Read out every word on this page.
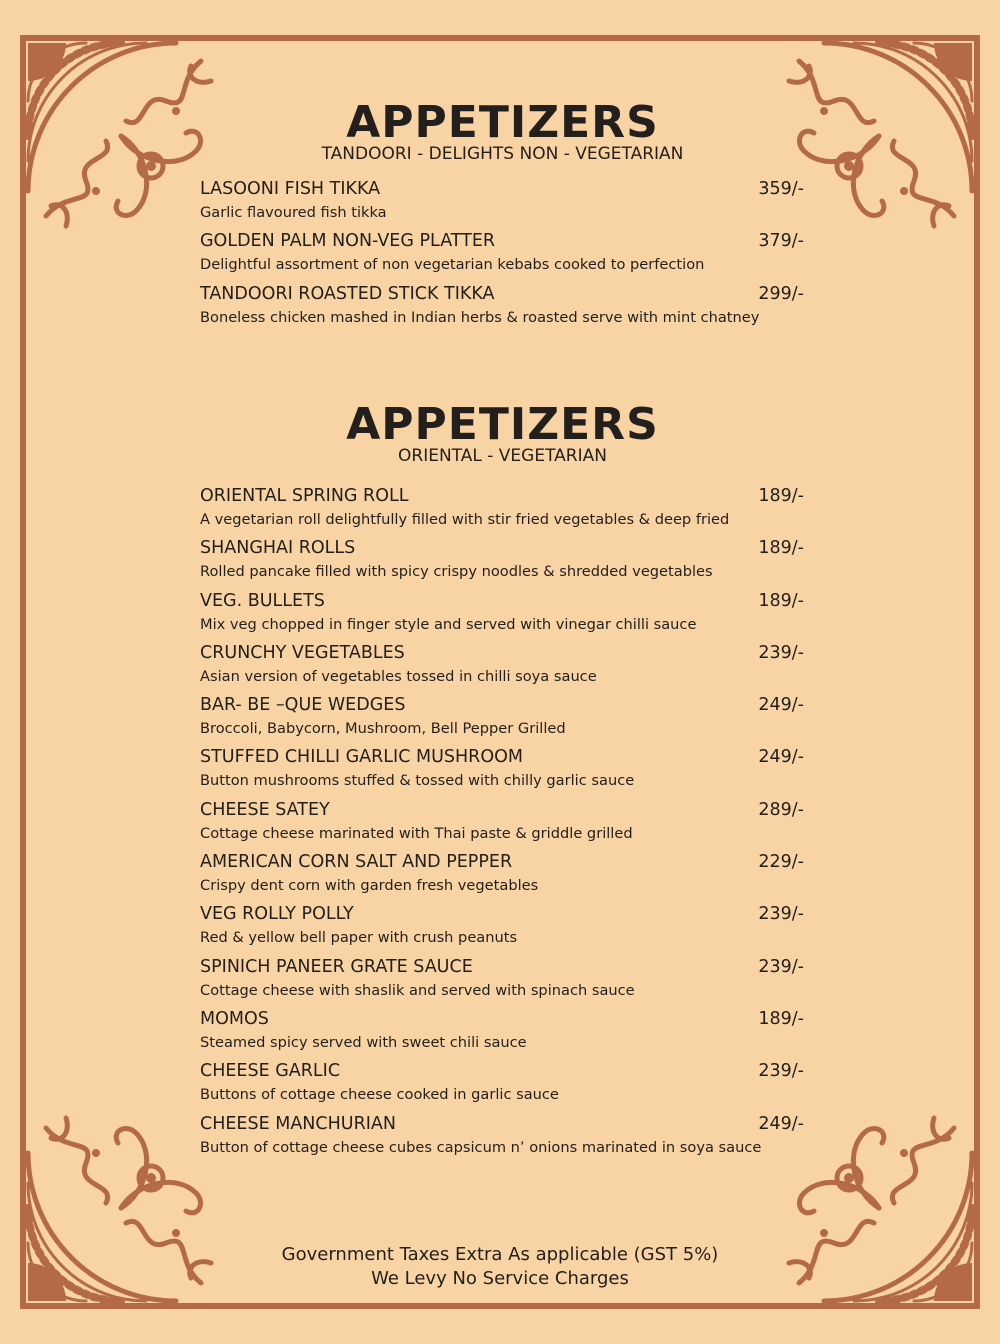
APPETIZERS
TANDOORI - DELIGHTS NON - VEGETARIAN
LASOONI FISH TIKKA	359/-
Garlic flavoured fish tikka
GOLDEN PALM NON-VEG PLATTER	379/-
Delightful assortment of non vegetarian kebabs cooked to perfection
TANDOORI ROASTED STICK TIKKA	299/-
Boneless chicken mashed in Indian herbs & roasted serve with mint chatney
APPETIZERS
ORIENTAL - VEGETARIAN
ORIENTAL SPRING ROLL	189/-
A vegetarian roll delightfully filled with stir fried vegetables & deep fried
SHANGHAI ROLLS	189/-
Rolled pancake filled with spicy crispy noodles & shredded vegetables
VEG. BULLETS	189/-
Mix veg chopped in finger style and served with vinegar chilli sauce
CRUNCHY VEGETABLES	239/-
Asian version of vegetables tossed in chilli soya sauce
BAR- BE –QUE WEDGES	249/-
Broccoli, Babycorn, Mushroom, Bell Pepper Grilled
STUFFED CHILLI GARLIC MUSHROOM	249/-
Button mushrooms stuffed & tossed with chilly garlic sauce
CHEESE SATEY	289/-
Cottage cheese marinated with Thai paste & griddle grilled
AMERICAN CORN SALT AND PEPPER	229/-
Crispy dent corn with garden fresh vegetables
VEG ROLLY POLLY	239/-
Red & yellow bell paper with crush peanuts
SPINICH PANEER GRATE SAUCE	239/-
Cottage cheese with shaslik and served with spinach sauce
MOMOS	189/-
Steamed spicy served with sweet chili sauce
CHEESE GARLIC	239/-
Buttons of cottage cheese cooked in garlic sauce
CHEESE MANCHURIAN	249/-
Button of cottage cheese cubes capsicum n’ onions marinated in soya sauce
Government Taxes Extra As applicable (GST 5%)
We Levy No Service Charges
